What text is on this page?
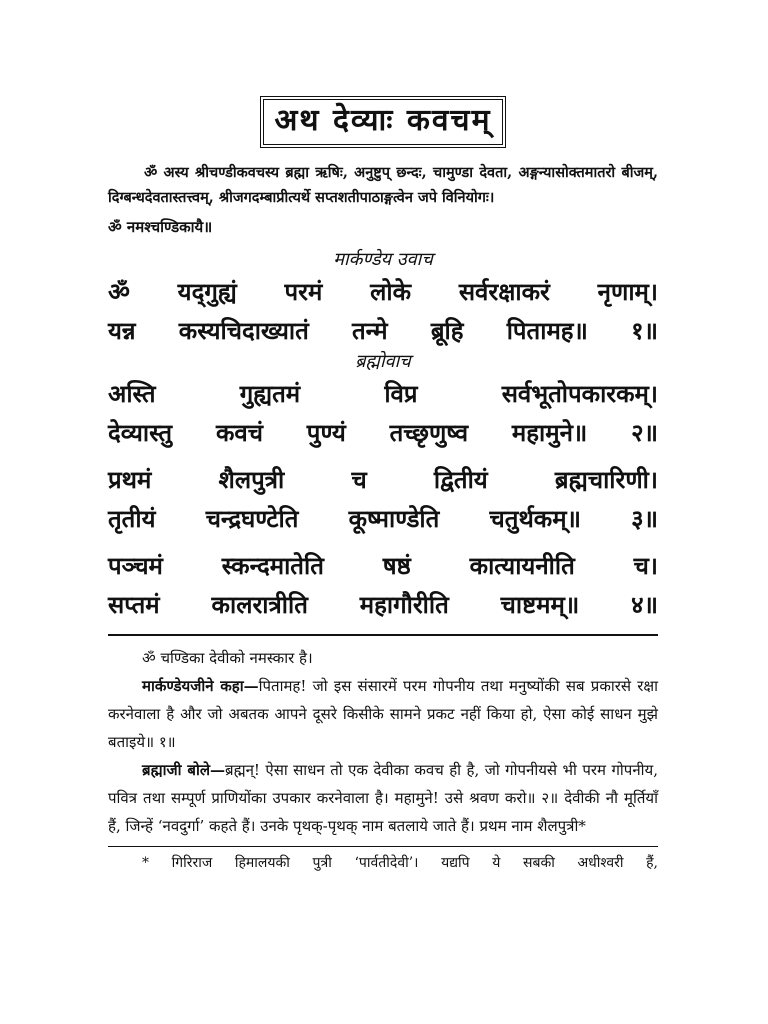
अथ देव्याः कवचम्

ॐ अस्य श्रीचण्डीकवचस्य ब्रह्मा ऋषिः, अनुष्टुप् छन्दः, चामुण्डा देवता, अङ्गन्यासोक्तमातरो बीजम्, दिग्बन्धदेवतास्तत्त्वम्, श्रीजगदम्बाप्रीत्यर्थे सप्तशतीपाठाङ्गत्वेन जपे विनियोगः।

ॐ नमश्चण्डिकायै॥

मार्कण्डेय उवाच

ॐ यद्‌गुह्यं परमं लोके सर्वरक्षाकरं नृणाम्।
यन्न कस्यचिदाख्यातं तन्मे ब्रूहि पितामह॥ १॥

ब्रह्मोवाच

अस्ति गुह्यतमं विप्र सर्वभूतोपकारकम्।
देव्यास्तु कवचं पुण्यं तच्छृणुष्व महामुने॥ २॥
प्रथमं शैलपुत्री च द्वितीयं ब्रह्मचारिणी।
तृतीयं चन्द्रघण्टेति कूष्माण्डेति चतुर्थकम्॥ ३॥
पञ्चमं स्कन्दमातेति षष्ठं कात्यायनीति च।
सप्तमं कालरात्रीति महागौरीति चाष्टमम्॥ ४॥

ॐ चण्डिका देवीको नमस्कार है।

मार्कण्डेयजीने कहा—पितामह! जो इस संसारमें परम गोपनीय तथा मनुष्योंकी सब प्रकारसे रक्षा करनेवाला है और जो अबतक आपने दूसरे किसीके सामने प्रकट नहीं किया हो, ऐसा कोई साधन मुझे बताइये॥ १॥

ब्रह्माजी बोले—ब्रह्मन्! ऐसा साधन तो एक देवीका कवच ही है, जो गोपनीयसे भी परम गोपनीय, पवित्र तथा सम्पूर्ण प्राणियोंका उपकार करनेवाला है। महामुने! उसे श्रवण करो॥ २॥ देवीकी नौ मूर्तियाँ हैं, जिन्हें ‘नवदुर्गा’ कहते हैं। उनके पृथक्-पृथक् नाम बतलाये जाते हैं। प्रथम नाम शैलपुत्री*

* गिरिराज हिमालयकी पुत्री ‘पार्वतीदेवी’। यद्यपि ये सबकी अधीश्वरी हैं,
